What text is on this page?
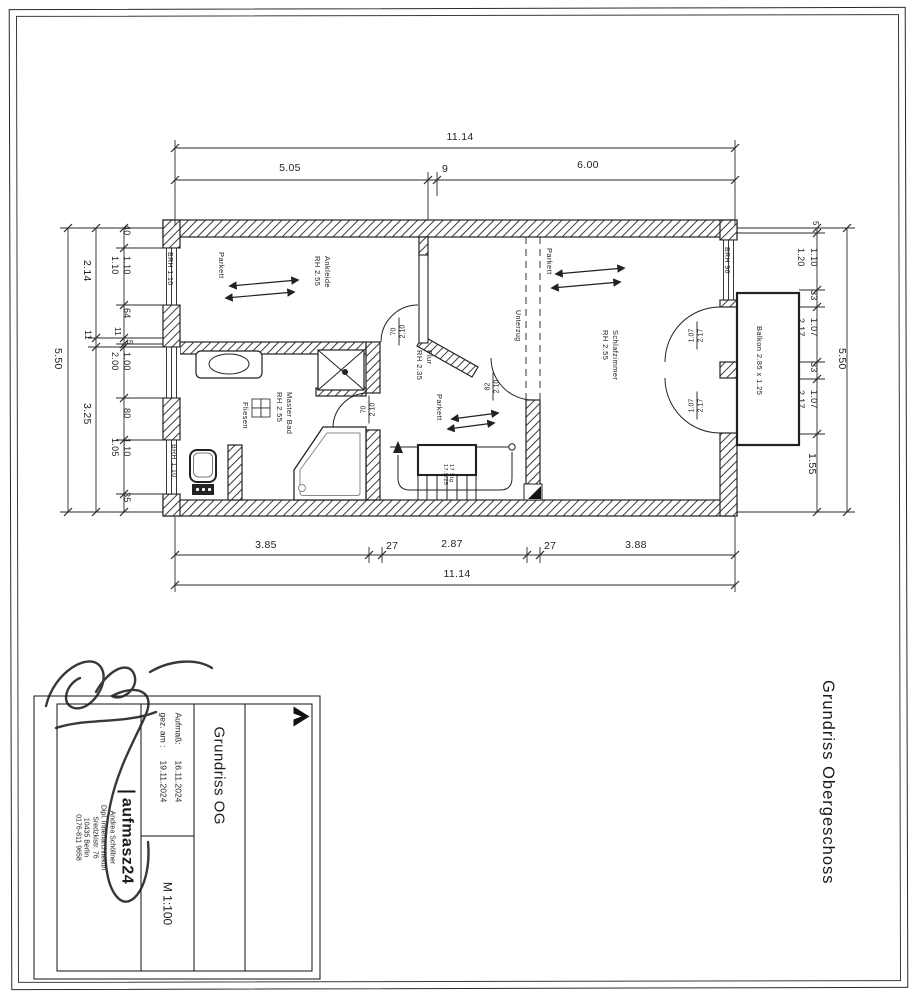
11.14
5.05	9	6.00
3.85	27	2.87	27	3.88
11.14
5.50
2.14
11
3.25
40
1.10 1.10
64
11
5
2.00 1.00
80
1.05 1.10
35
5
1.20 1.10
33
2.17 1.07
33
2.17 1.07
1.55
5.50
Ankleide
RH 2.55
Parkett
Schlafzimmer
RH 2.55
Parkett
Flur
RH 2.35
Parkett
Master Bad
RH 2.55
Fliesen
Unterzug
Balkon 2.85 x 1.25
BRH 1.10
BRH 1.10
BRH 96
17 Stg
17.5/25
70 2.10
70 2.10
82 2.10
1.07 2.17
1.07 2.17
Grundriss OG
Aufmaß:16.11.2024
gez. am :19.11.2024
M 1:100
aufmasz24
Andrea Schöllner
Dipl. Innenarchitektin
Sredzkistr. 76
10435 Berlin
0176-811 9658	Grundriss Obergeschoss
